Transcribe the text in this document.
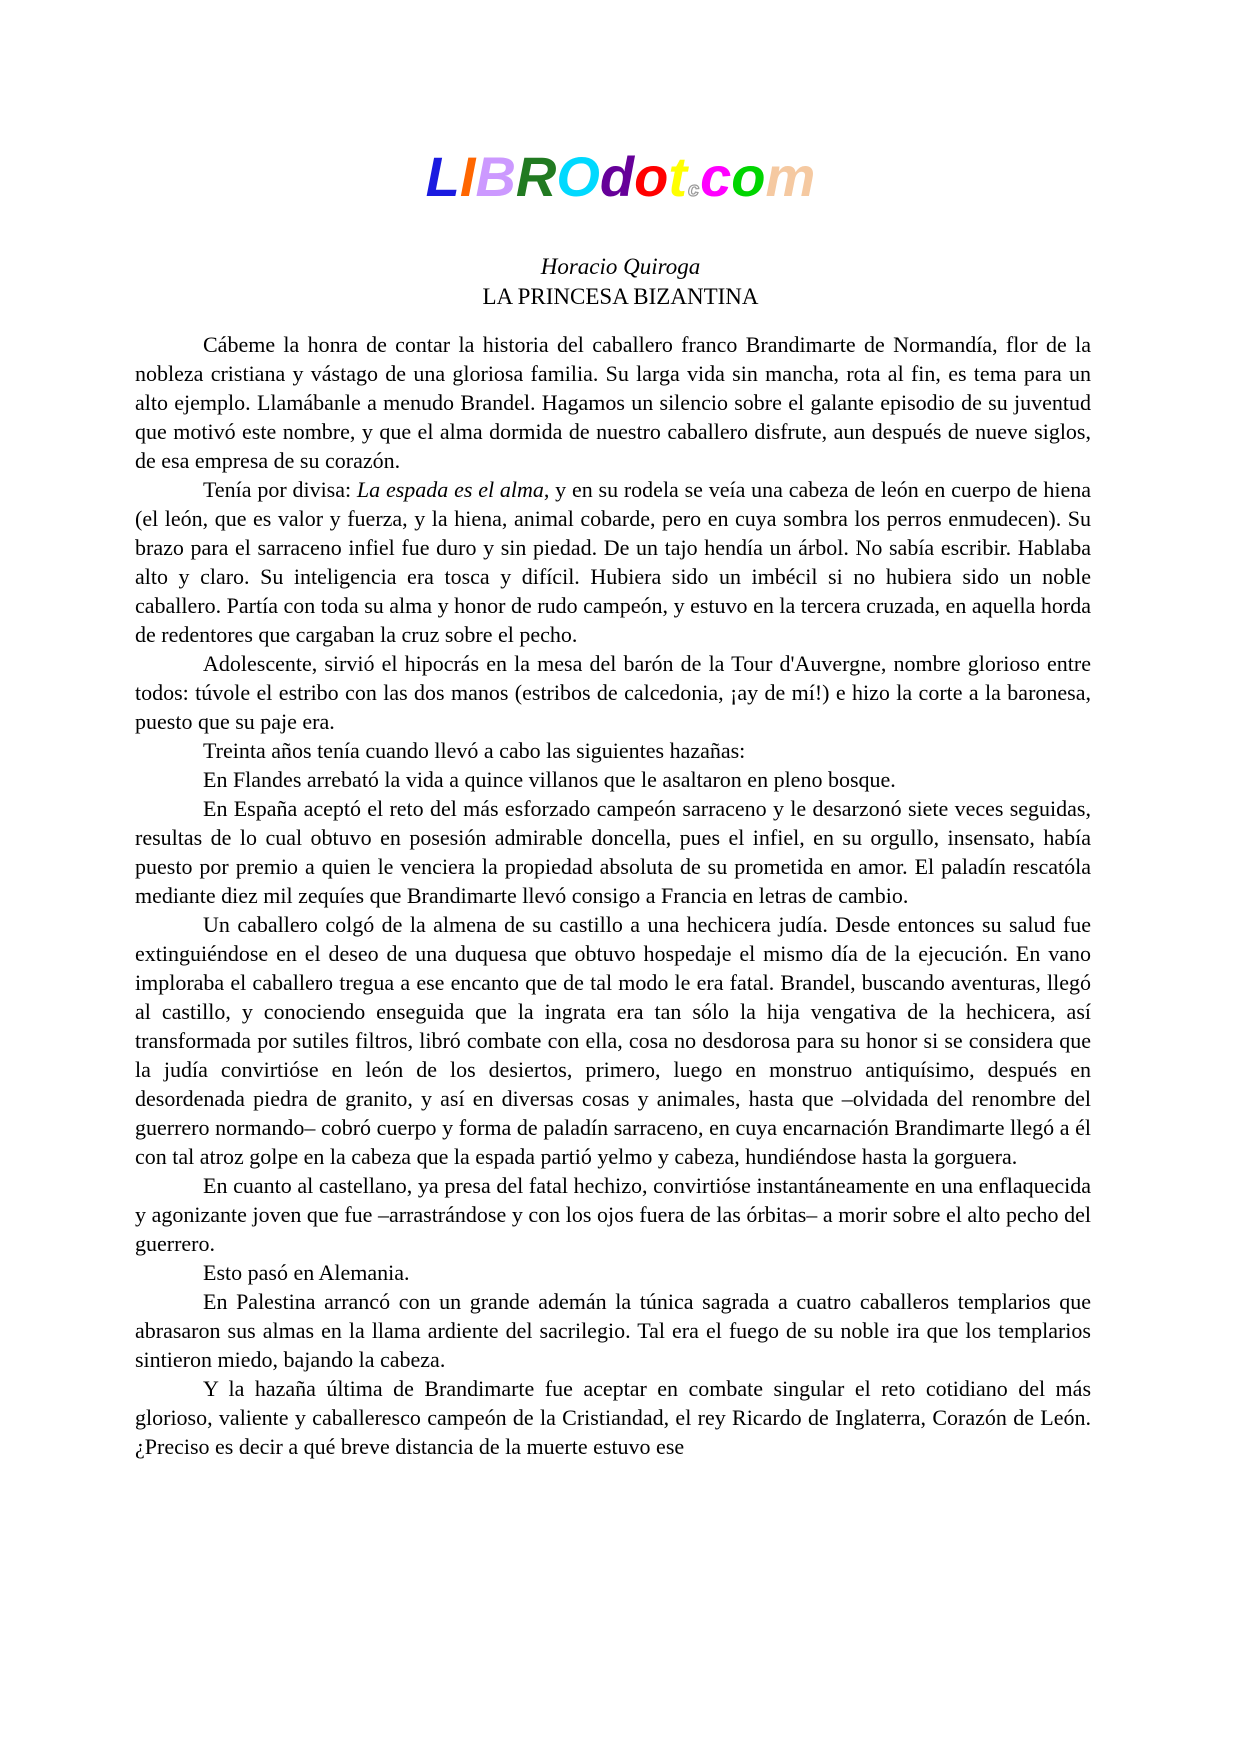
LIBROdotccom
Horacio Quiroga
LA PRINCESA BIZANTINA

Cábeme la honra de contar la historia del caballero franco Brandimarte de Normandía, flor de la nobleza cristiana y vástago de una gloriosa familia. Su larga vida sin mancha, rota al fin, es tema para un alto ejemplo. Llamábanle a menudo Brandel. Hagamos un silencio sobre el galante episodio de su juventud que motivó este nombre, y que el alma dormida de nuestro caballero disfrute, aun después de nueve siglos, de esa empresa de su corazón.

Tenía por divisa: La espada es el alma, y en su rodela se veía una cabeza de león en cuerpo de hiena (el león, que es valor y fuerza, y la hiena, animal cobarde, pero en cuya sombra los perros enmudecen). Su brazo para el sarraceno infiel fue duro y sin piedad. De un tajo hendía un árbol. No sabía escribir. Hablaba alto y claro. Su inteligencia era tosca y difícil. Hubiera sido un imbécil si no hubiera sido un noble caballero. Partía con toda su alma y honor de rudo campeón, y estuvo en la tercera cruzada, en aquella horda de redentores que cargaban la cruz sobre el pecho.

Adolescente, sirvió el hipocrás en la mesa del barón de la Tour d'Auvergne, nombre glorioso entre todos: túvole el estribo con las dos manos (estribos de calcedonia, ¡ay de mí!) e hizo la corte a la baronesa, puesto que su paje era.

Treinta años tenía cuando llevó a cabo las siguientes hazañas:

En Flandes arrebató la vida a quince villanos que le asaltaron en pleno bosque.

En España aceptó el reto del más esforzado campeón sarraceno y le desarzonó siete veces seguidas, resultas de lo cual obtuvo en posesión admirable doncella, pues el infiel, en su orgullo, insensato, había puesto por premio a quien le venciera la propiedad absoluta de su prometida en amor. El paladín rescatóla mediante diez mil zequíes que Brandimarte llevó consigo a Francia en letras de cambio.

Un caballero colgó de la almena de su castillo a una hechicera judía. Desde entonces su salud fue extinguiéndose en el deseo de una duquesa que obtuvo hospedaje el mismo día de la ejecución. En vano imploraba el caballero tregua a ese encanto que de tal modo le era fatal. Brandel, buscando aventuras, llegó al castillo, y conociendo enseguida que la ingrata era tan sólo la hija vengativa de la hechicera, así transformada por sutiles filtros, libró combate con ella, cosa no desdorosa para su honor si se considera que la judía convirtióse en león de los desiertos, primero, luego en monstruo antiquísimo, después en desordenada piedra de granito, y así en diversas cosas y animales, hasta que –olvidada del renombre del guerrero normando– cobró cuerpo y forma de paladín sarraceno, en cuya encarnación Brandimarte llegó a él con tal atroz golpe en la cabeza que la espada partió yelmo y cabeza, hundiéndose hasta la gorguera.

En cuanto al castellano, ya presa del fatal hechizo, convirtióse instantáneamente en una enflaquecida y agonizante joven que fue –arrastrándose y con los ojos fuera de las órbitas– a morir sobre el alto pecho del guerrero.

Esto pasó en Alemania.

En Palestina arrancó con un grande ademán la túnica sagrada a cuatro caballeros templarios que abrasaron sus almas en la llama ardiente del sacrilegio. Tal era el fuego de su noble ira que los templarios sintieron miedo, bajando la cabeza.

Y la hazaña última de Brandimarte fue aceptar en combate singular el reto cotidiano del más glorioso, valiente y caballeresco campeón de la Cristiandad, el rey Ricardo de Inglaterra, Corazón de León. ¿Preciso es decir a qué breve distancia de la muerte estuvo ese
